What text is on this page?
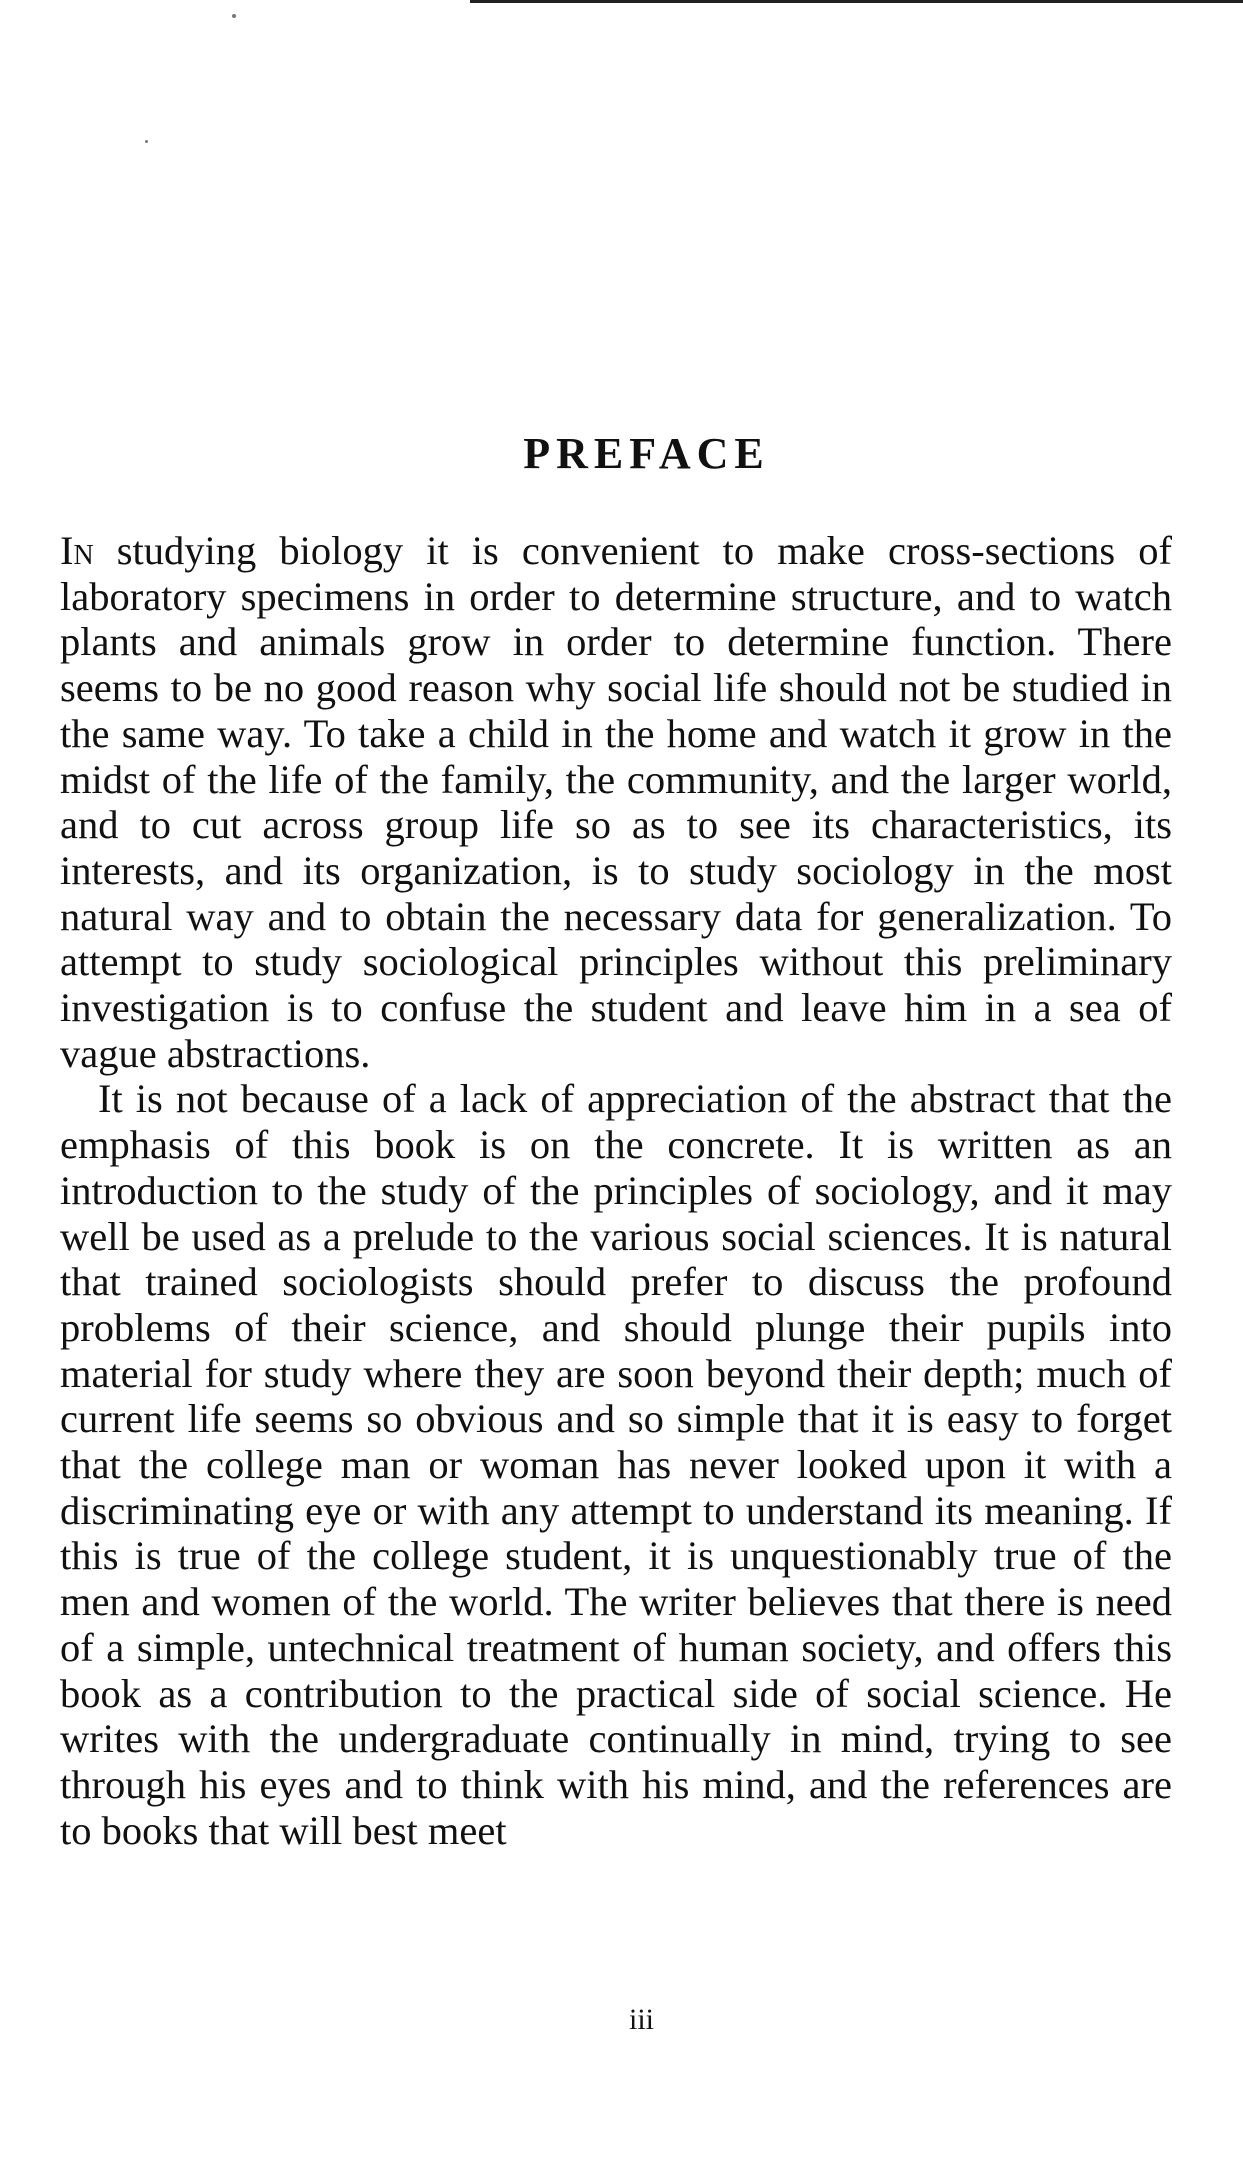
PREFACE

In studying biology it is convenient to make cross-sections of laboratory specimens in order to determine structure, and to watch plants and animals grow in order to determine function. There seems to be no good reason why social life should not be studied in the same way. To take a child in the home and watch it grow in the midst of the life of the family, the community, and the larger world, and to cut across group life so as to see its characteristics, its interests, and its organization, is to study sociology in the most natural way and to obtain the necessary data for generalization. To attempt to study sociological principles without this preliminary investigation is to confuse the student and leave him in a sea of vague abstractions.

It is not because of a lack of appreciation of the abstract that the emphasis of this book is on the concrete. It is written as an introduction to the study of the principles of sociology, and it may well be used as a prelude to the various social sciences. It is natural that trained sociologists should prefer to discuss the profound problems of their science, and should plunge their pupils into material for study where they are soon beyond their depth; much of current life seems so obvious and so simple that it is easy to forget that the college man or woman has never looked upon it with a discriminating eye or with any attempt to understand its meaning. If this is true of the college student, it is unquestionably true of the men and women of the world. The writer believes that there is need of a simple, untechnical treatment of human society, and offers this book as a contribution to the practical side of social science. He writes with the undergraduate continually in mind, trying to see through his eyes and to think with his mind, and the references are to books that will best meet

iii
